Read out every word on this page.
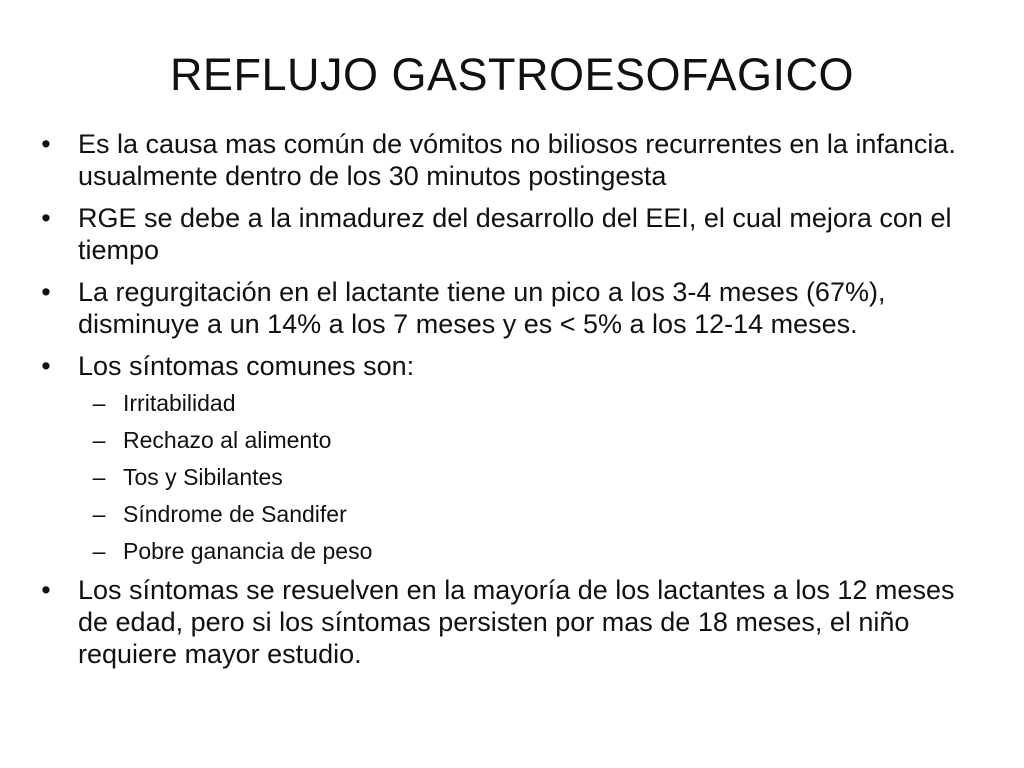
REFLUJO GASTROESOFAGICO
• Es la causa mas común de vómitos no biliosos recurrentes en la infancia. usualmente dentro de los 30 minutos postingesta
• RGE se debe a la inmadurez del desarrollo del EEI, el cual mejora con el tiempo
• La regurgitación en el lactante tiene un pico a los 3-4 meses (67%), disminuye a un 14% a los 7 meses y es < 5% a los 12-14 meses.
• Los síntomas comunes son:
– Irritabilidad
– Rechazo al alimento
– Tos y Sibilantes
– Síndrome de Sandifer
– Pobre ganancia de peso
• Los síntomas se resuelven en la mayoría de los lactantes a los 12 meses de edad, pero si los síntomas persisten por mas de 18 meses, el niño requiere mayor estudio.
